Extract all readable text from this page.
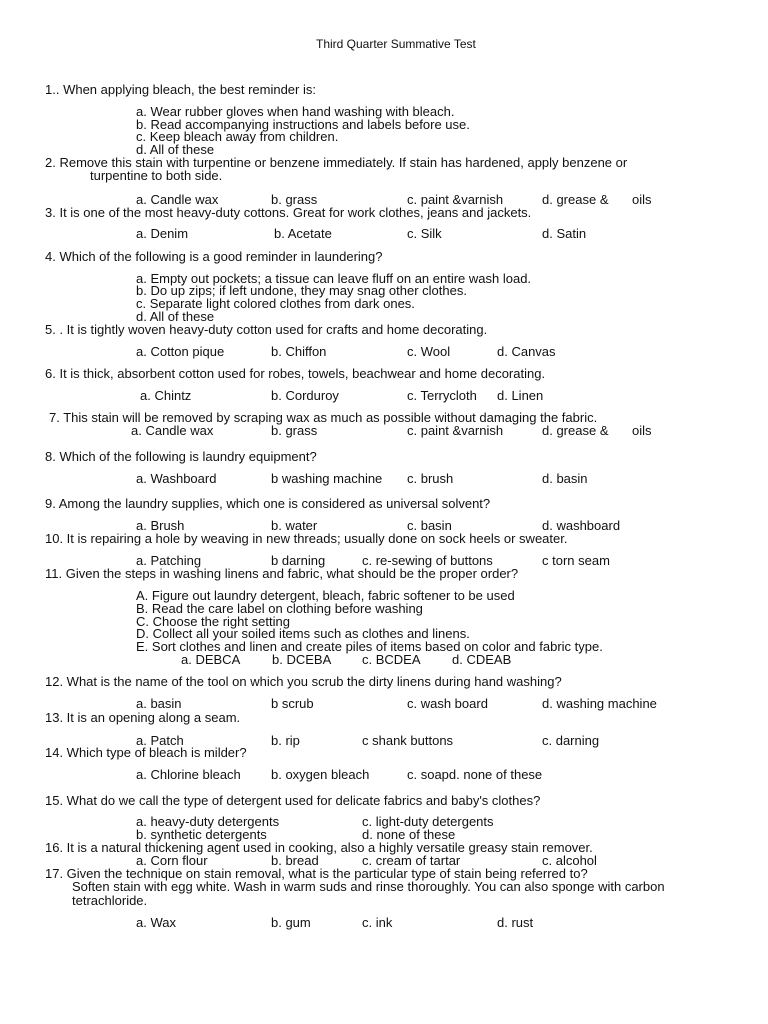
Third Quarter Summative Test
1.. When applying bleach, the best reminder is:
a. Wear rubber gloves when hand washing with bleach.
b. Read accompanying instructions and labels before use.
c. Keep bleach away from children.
d. All of these
2. Remove this stain with turpentine or benzene immediately. If stain has hardened, apply benzene or
turpentine to both side.
a. Candle wax	b. grass	c. paint &varnish	d. grease & oils
3. It is one of the most heavy-duty cottons. Great for work clothes, jeans and jackets.
a. Denim	b. Acetate	c. Silk	d. Satin
4. Which of the following is a good reminder in laundering?
a. Empty out pockets; a tissue can leave fluff on an entire wash load.
b. Do up zips; if left undone, they may snag other clothes.
c. Separate light colored clothes from dark ones.
d. All of these
5. . It is tightly woven heavy-duty cotton used for crafts and home decorating.
a. Cotton pique	b. Chiffon	c. Wool	d. Canvas
6. It is thick, absorbent cotton used for robes, towels, beachwear and home decorating.
a. Chintz	b. Corduroy	c. Terrycloth d. Linen
7. This stain will be removed by scraping wax as much as possible without damaging the fabric.
a. Candle wax	b. grass	c. paint &varnish	d. grease & oils
8. Which of the following is laundry equipment?
a. Washboard	b washing machine c. brush	d. basin
9. Among the laundry supplies, which one is considered as universal solvent?
a. Brush	b. water	c. basin	d. washboard
10. It is repairing a hole by weaving in new threads; usually done on sock heels or sweater.
a. Patching	b darning	c. re-sewing of buttons	c torn seam
11. Given the steps in washing linens and fabric, what should be the proper order?
A. Figure out laundry detergent, bleach, fabric softener to be used
B. Read the care label on clothing before washing
C. Choose the right setting
D. Collect all your soiled items such as clothes and linens.
E. Sort clothes and linen and create piles of items based on color and fabric type.
a. DEBCA b. DCEBA c. BCDEA d. CDEAB
12. What is the name of the tool on which you scrub the dirty linens during hand washing?
a. basin	b scrub	c. wash board	d. washing machine
13. It is an opening along a seam.
a. Patch	b. rip	c shank buttons	c. darning
14. Which type of bleach is milder?
a. Chlorine bleach b. oxygen bleach	c. soapd. none of these
15. What do we call the type of detergent used for delicate fabrics and baby's clothes?
a. heavy-duty detergents	c. light-duty detergents
b. synthetic detergents	d. none of these
16. It is a natural thickening agent used in cooking, also a highly versatile greasy stain remover.
a. Corn flour	b. bread	c. cream of tartar	c. alcohol
17. Given the technique on stain removal, what is the particular type of stain being referred to?
Soften stain with egg white. Wash in warm suds and rinse thoroughly. You can also sponge with carbon
tetrachloride.
a. Wax	b. gum	c. ink	d. rust
